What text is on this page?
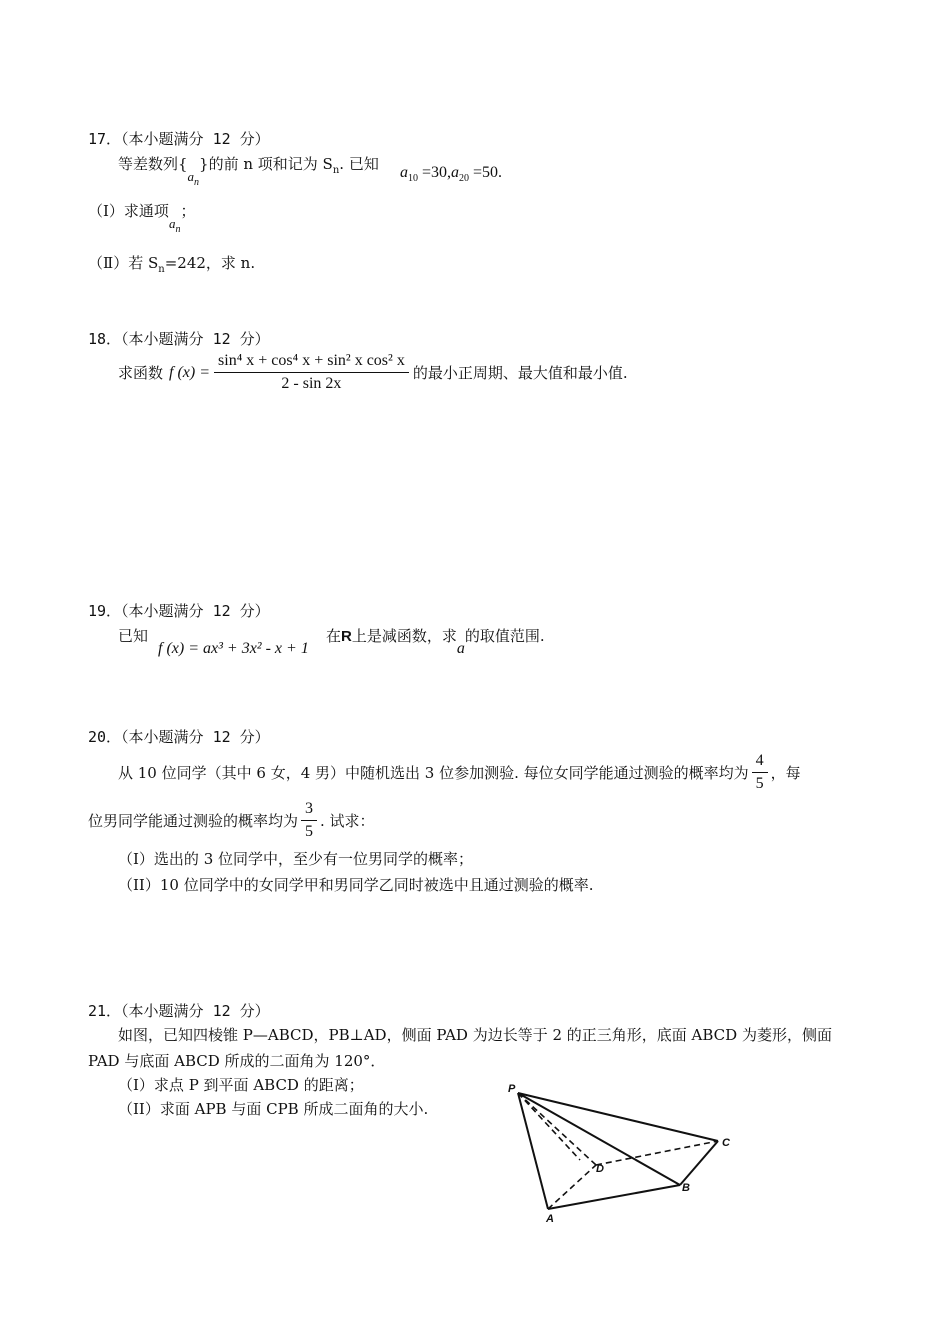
17．（本小题满分 12 分）
等差数列$\{a_n\}$的前 n 项和记为 $S_n$. 已知 $a_{10} =30,a_{20} =50$.
（Ⅰ）求通项$a_n$；
（Ⅱ）若 $S_n=242$，求 n.
18．（本小题满分 12 分）
求函数 f $(x) = \frac{\text{sin⁴ x + cos⁴ x + sin² x cos² x}}{2 - \sin 2x}$ 的最小正周期、最大值和最小值.
19．（本小题满分 12 分）
已知
f (x) = ax³ + 3x² - x + 1
在R上是减函数，求a的取值范围.
20．（本小题满分 12 分）
从 10 位同学（其中 6 女，4 男）中随机选出 3 位参加测验. 每位女同学能通过测验的概率均为 $\frac{4}{5}$ ，每
位男同学能通过测验的概率均为 $\frac{3}{5}$ . 试求：
（I）选出的 3 位同学中，至少有一位男同学的概率；
（II）10 位同学中的女同学甲和男同学乙同时被选中且通过测验的概率.
21．（本小题满分 12 分）
如图，已知四棱锥 P—ABCD，PB⊥AD，侧面 PAD 为边长等于 2 的正三角形，底面 ABCD 为菱形，侧面
PAD 与底面 ABCD 所成的二面角为 120°．
（I）求点 P 到平面 ABCD 的距离；
（II）求面 APB 与面 CPB 所成二面角的大小.
P
A
B
C
D
